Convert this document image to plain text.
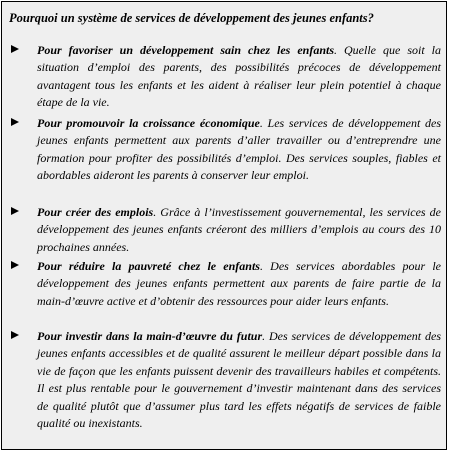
Pourquoi un système de services de développement des jeunes enfants?
Pour favoriser un développement sain chez les enfants. Quelle que soit la situation d’emploi des parents, des possibilités précoces de développement avantagent tous les enfants et les aident à réaliser leur plein potentiel à chaque étape de la vie.
Pour promouvoir la croissance économique. Les services de développement des jeunes enfants permettent aux parents d’aller travailler ou d’entreprendre une formation pour profiter des possibilités d’emploi. Des services souples, fiables et abordables aideront les parents à conserver leur emploi.
Pour créer des emplois. Grâce à l’investissement gouvernemental, les services de développement des jeunes enfants créeront des milliers d’emplois au cours des 10 prochaines années.
Pour réduire la pauvreté chez le enfants. Des services abordables pour le développement des jeunes enfants permettent aux parents de faire partie de la main-d’œuvre active et d’obtenir des ressources pour aider leurs enfants.
Pour investir dans la main-d’œuvre du futur. Des services de développement des jeunes enfants accessibles et de qualité assurent le meilleur départ possible dans la vie de façon que les enfants puissent devenir des travailleurs habiles et compétents. Il est plus rentable pour le gouvernement d’investir maintenant dans des services de qualité plutôt que d’assumer plus tard les effets négatifs de services de faible qualité ou inexistants.
